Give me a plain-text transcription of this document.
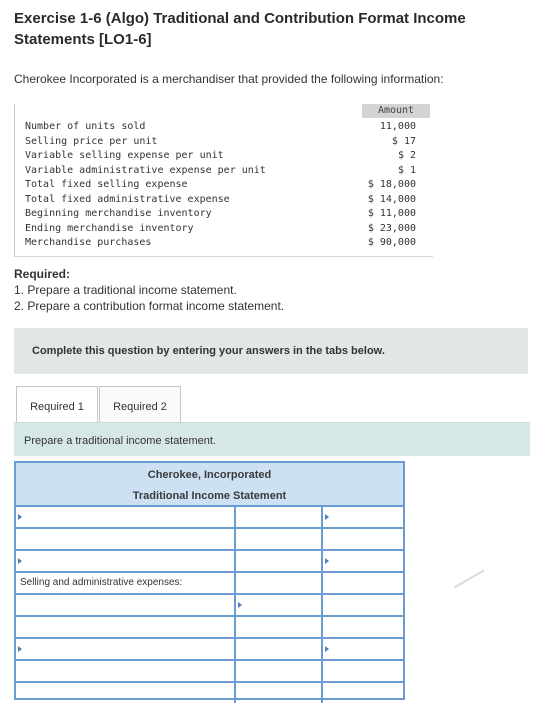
Exercise 1-6 (Algo) Traditional and Contribution Format Income Statements [LO1-6]
Cherokee Incorporated is a merchandiser that provided the following information:
Amount
Number of units sold
Selling price per unit
Variable selling expense per unit
Variable administrative expense per unit
Total fixed selling expense
Total fixed administrative expense
Beginning merchandise inventory
Ending merchandise inventory
Merchandise purchases
11,000
$ 17
$ 2
$ 1
$ 18,000
$ 14,000
$ 11,000
$ 23,000
$ 90,000
Required:
1. Prepare a traditional income statement.
2. Prepare a contribution format income statement.
Complete this question by entering your answers in the tabs below.
Required 1	Required 2
Prepare a traditional income statement.
Cherokee, Incorporated
Traditional Income Statement
Selling and administrative expenses:
